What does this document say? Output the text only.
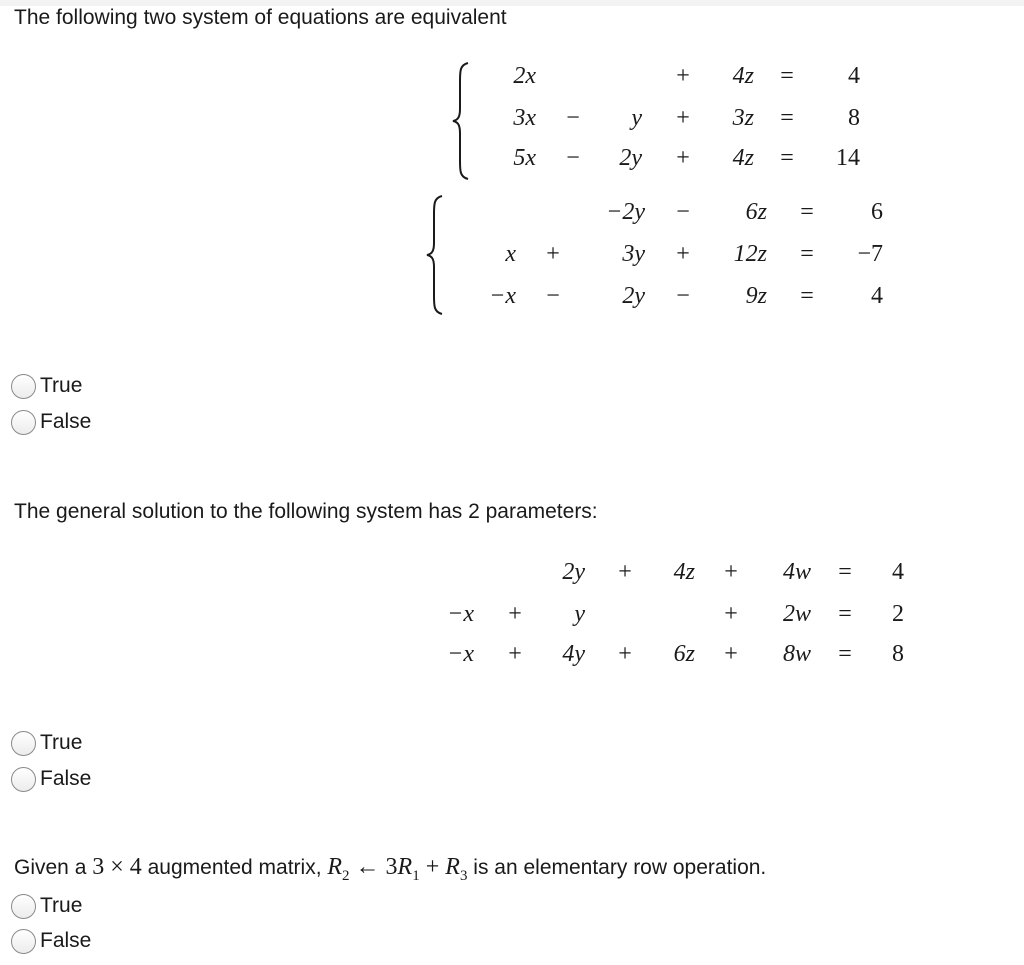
The following two system of equations are equivalent

2x	+	4z =	4
3x −	y +	3z =	8
5x −	2y +	4z =	14
−2y −	6z =	6
x +	3y +	12z =	−7
−x −	2y −	9z =	4
True
False

The general solution to the following system has 2 parameters:

2y +	4z +	4w =	4
−x +	y	+	2w =	2
−x +	4y +	6z +	8w =	8
True
False

Given a 3 × 4 augmented matrix, $R_2$ ← $3R_1 + R_3$ is an elementary row operation.

True
False
